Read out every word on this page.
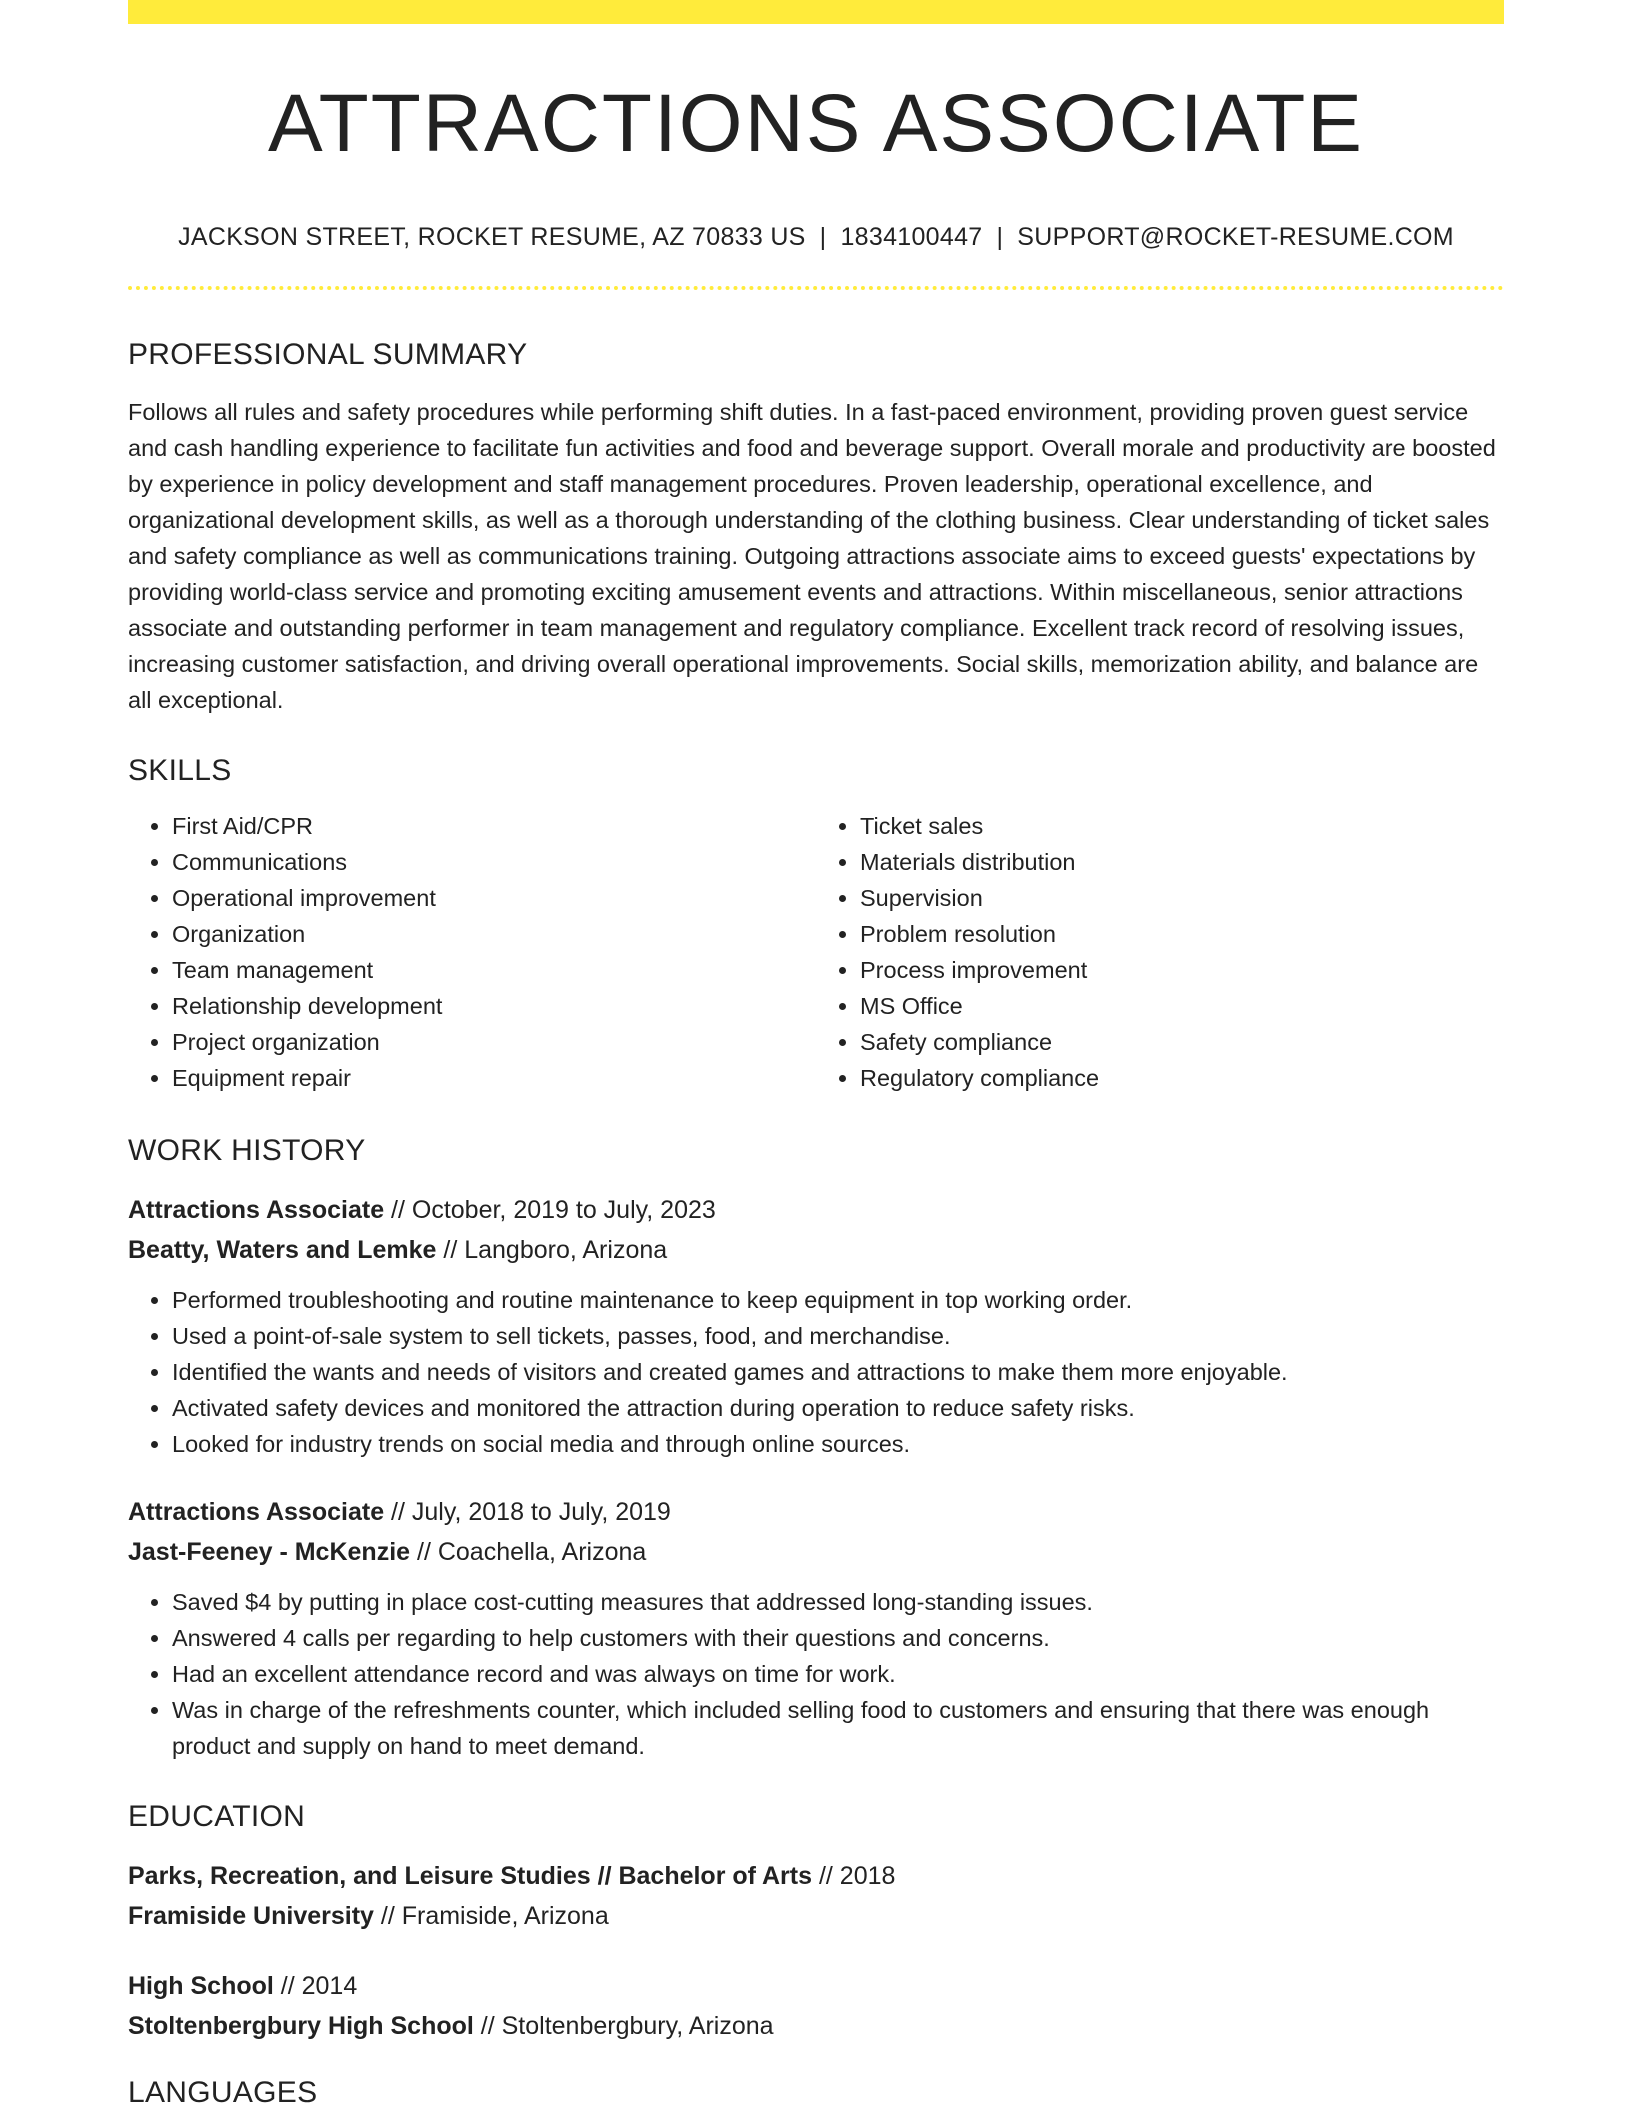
ATTRACTIONS ASSOCIATE
JACKSON STREET, ROCKET RESUME, AZ 70833 US | 1834100447 | SUPPORT@ROCKET-RESUME.COM
PROFESSIONAL SUMMARY
Follows all rules and safety procedures while performing shift duties. In a fast-paced environment, providing proven guest service and cash handling experience to facilitate fun activities and food and beverage support. Overall morale and productivity are boosted by experience in policy development and staff management procedures. Proven leadership, operational excellence, and organizational development skills, as well as a thorough understanding of the clothing business. Clear understanding of ticket sales and safety compliance as well as communications training. Outgoing attractions associate aims to exceed guests' expectations by providing world-class service and promoting exciting amusement events and attractions. Within miscellaneous, senior attractions associate and outstanding performer in team management and regulatory compliance. Excellent track record of resolving issues, increasing customer satisfaction, and driving overall operational improvements. Social skills, memorization ability, and balance are all exceptional.
SKILLS
• First Aid/CPR
• Communications
• Operational improvement
• Organization
• Team management
• Relationship development
• Project organization
• Equipment repair
• Ticket sales
• Materials distribution
• Supervision
• Problem resolution
• Process improvement
• MS Office
• Safety compliance
• Regulatory compliance
WORK HISTORY
Attractions Associate // October, 2019 to July, 2023
Beatty, Waters and Lemke // Langboro, Arizona
• Performed troubleshooting and routine maintenance to keep equipment in top working order.
• Used a point-of-sale system to sell tickets, passes, food, and merchandise.
• Identified the wants and needs of visitors and created games and attractions to make them more enjoyable.
• Activated safety devices and monitored the attraction during operation to reduce safety risks.
• Looked for industry trends on social media and through online sources.
Attractions Associate // July, 2018 to July, 2019
Jast-Feeney - McKenzie // Coachella, Arizona
• Saved $4 by putting in place cost-cutting measures that addressed long-standing issues.
• Answered 4 calls per regarding to help customers with their questions and concerns.
• Had an excellent attendance record and was always on time for work.
• Was in charge of the refreshments counter, which included selling food to customers and ensuring that there was enough product and supply on hand to meet demand.
EDUCATION
Parks, Recreation, and Leisure Studies // Bachelor of Arts // 2018
Framiside University // Framiside, Arizona
High School // 2014
Stoltenbergbury High School // Stoltenbergbury, Arizona
LANGUAGES
